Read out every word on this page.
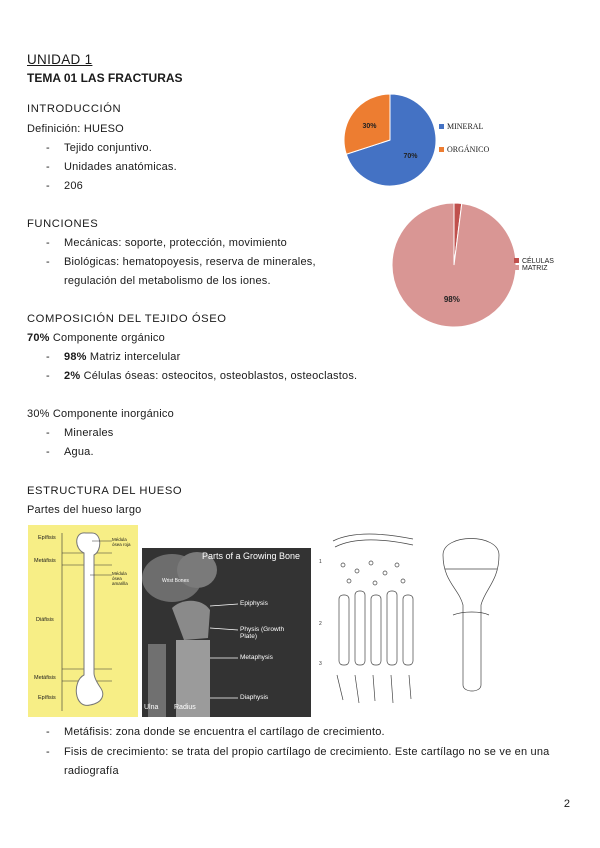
UNIDAD 1
TEMA 01 LAS FRACTURAS
INTRODUCCIÓN
Definición: HUESO
- Tejido conjuntivo.
- Unidades anatómicas.
- 206
FUNCIONES
- Mecánicas: soporte, protección, movimiento
- Biológicas: hematopoyesis, reserva de minerales,
regulación del metabolismo de los iones.
COMPOSICIÓN DEL TEJIDO ÓSEO
70% Componente orgánico
- 98% Matriz intercelular
- 2% Células óseas: osteocitos, osteoblastos, osteoclastos.
30% Componente inorgánico
- Minerales
- Agua.
ESTRUCTURA DEL HUESO
Partes del hueso largo
Epífisis
Metáfisis
Diáfisis
Metáfisis
Epífisis
Médula ósea roja
Médula ósea amarilla
Parts of a Growing Bone
Epiphysis
Physis (Growth Plate)
Metaphysis
Diaphysis
Wrist Bones
Ulna Radius
1
2
3
70%
30%	MINERAL
ORGÁNICO
98%
CÉLULAS
MATRIZ
- Metáfisis: zona donde se encuentra el cartílago de crecimiento.
- Fisis de crecimiento: se trata del propio cartílago de crecimiento. Este cartílago no se ve en una
radiografía
2
